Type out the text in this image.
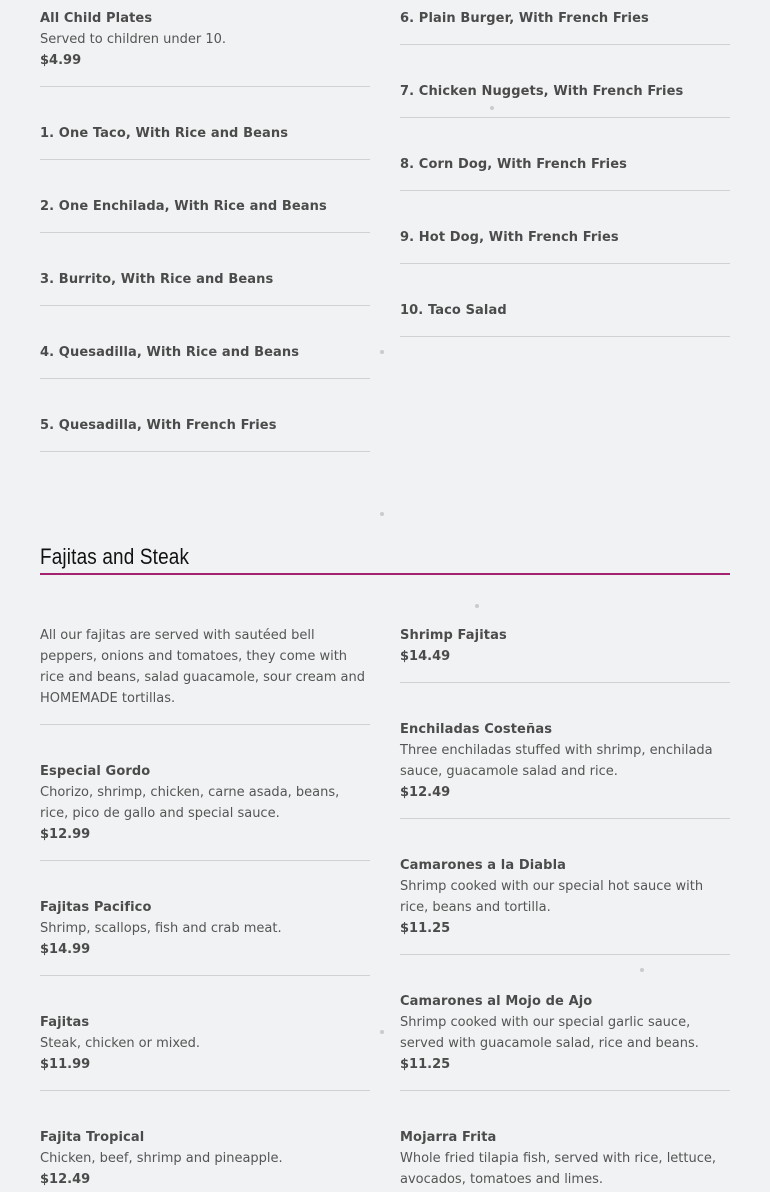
All Child Plates
Served to children under 10.
$4.99
1. One Taco, With Rice and Beans
2. One Enchilada, With Rice and Beans
3. Burrito, With Rice and Beans
4. Quesadilla, With Rice and Beans
5. Quesadilla, With French Fries
6. Plain Burger, With French Fries
7. Chicken Nuggets, With French Fries
8. Corn Dog, With French Fries
9. Hot Dog, With French Fries
10. Taco Salad
Fajitas and Steak
All our fajitas are served with sautéed bell peppers, onions and tomatoes, they come with rice and beans, salad guacamole, sour cream and HOMEMADE tortillas.
Especial Gordo
Chorizo, shrimp, chicken, carne asada, beans, rice, pico de gallo and special sauce.
$12.99
Fajitas Pacifico
Shrimp, scallops, fish and crab meat.
$14.99
Fajitas
Steak, chicken or mixed.
$11.99
Fajita Tropical
Chicken, beef, shrimp and pineapple.
$12.49
Shrimp Fajitas
$14.49
Enchiladas Costeñas
Three enchiladas stuffed with shrimp, enchilada sauce, guacamole salad and rice.
$12.49
Camarones a la Diabla
Shrimp cooked with our special hot sauce with rice, beans and tortilla.
$11.25
Camarones al Mojo de Ajo
Shrimp cooked with our special garlic sauce, served with guacamole salad, rice and beans.
$11.25
Mojarra Frita
Whole fried tilapia fish, served with rice, lettuce, avocados, tomatoes and limes.
